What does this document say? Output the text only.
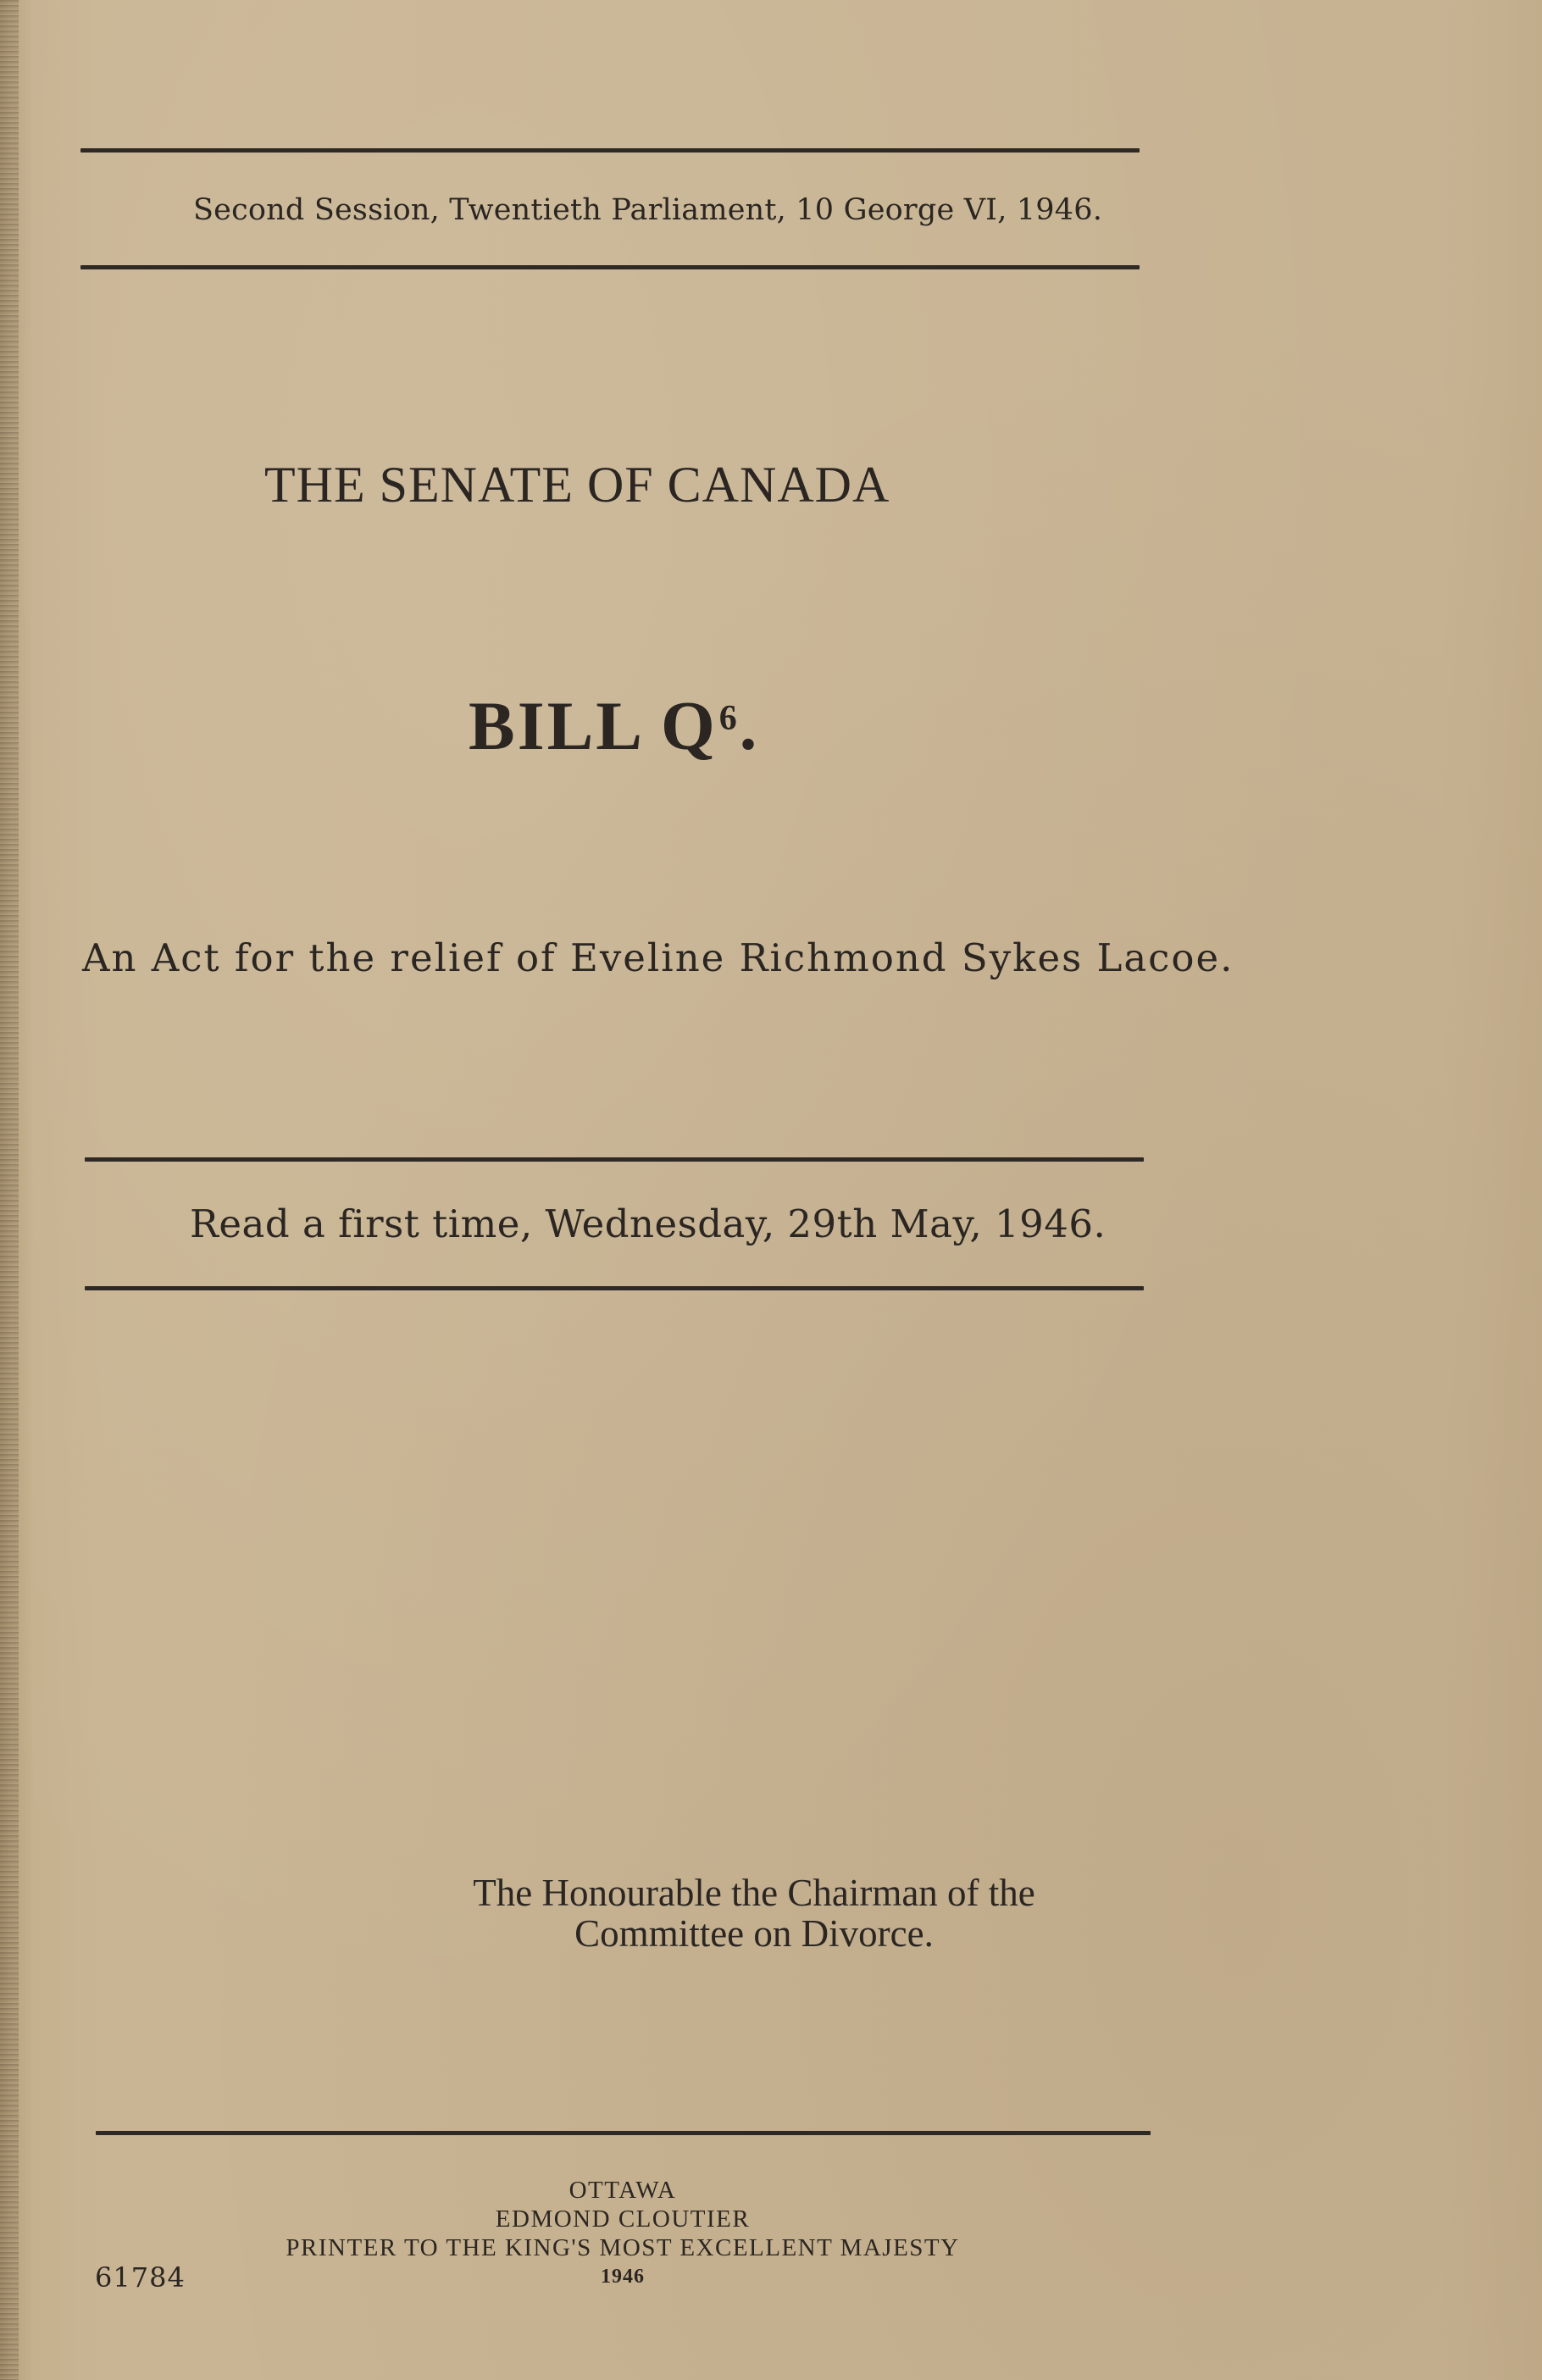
Second Session, Twentieth Parliament, 10 George VI, 1946.
THE SENATE OF CANADA
BILL $Q^6$.
An Act for the relief of Eveline Richmond Sykes Lacoe.
Read a first time, Wednesday, 29th May, 1946.
The Honourable the Chairman of the
Committee on Divorce.
OTTAWA
EDMOND CLOUTIER
PRINTER TO THE KING'S MOST EXCELLENT MAJESTY
1946
61784
